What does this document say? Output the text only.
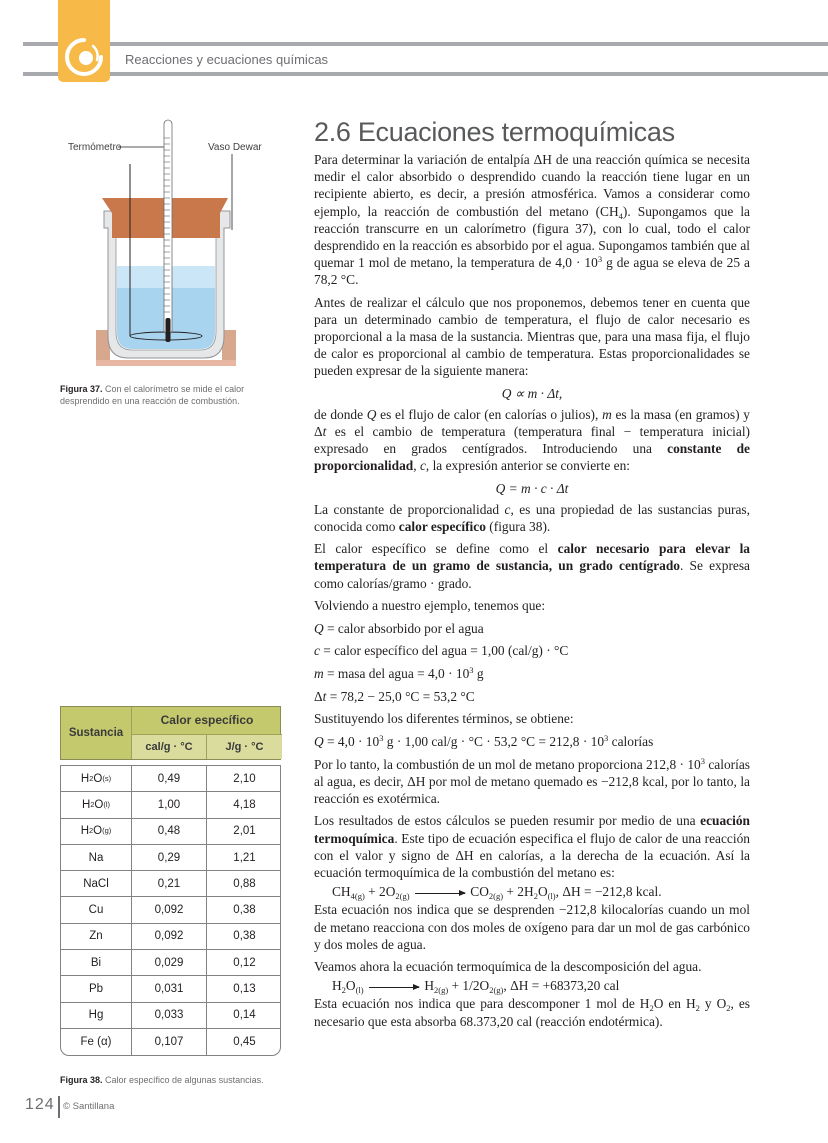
Reacciones y ecuaciones químicas
Termómetro	Vaso Dewar
Figura 37. Con el calorímetro se mide el calor desprendido en una reacción de combustión.
Sustancia
Calor específico
cal/g · °C	J/g · °C
H 2 O (s)	0,49	2,10
H 2 O (l)	1,00	4,18
H 2 O (g)	0,48	2,01
Na	0,29	1,21
NaCl	0,21	0,88
Cu	0,092	0,38
Zn	0,092	0,38
Bi	0,029	0,12
Pb	0,031	0,13
Hg	0,033	0,14
Fe (α)	0,107	0,45
Figura 38. Calor específico de algunas sustancias.
124 © Santillana
2.6 Ecuaciones termoquímicas

Para determinar la variación de entalpía ΔH de una reacción química se necesita medir el calor absorbido o desprendido cuando la reacción tiene lugar en un recipiente abierto, es decir, a presión atmosférica. Vamos a considerar como ejemplo, la reacción de combustión del metano $(CH_4)$. Supongamos que la reacción transcurre en un calorímetro (figura 37), con lo cual, todo el calor desprendido en la reacción es absorbido por el agua. Supongamos también que al quemar 1 mol de metano, la temperatura de $4,0 \cdot 10^3$ g de agua se eleva de 25 a 78,2 °C.

Antes de realizar el cálculo que nos proponemos, debemos tener en cuenta que para un determinado cambio de temperatura, el flujo de calor necesario es proporcional a la masa de la sustancia. Mientras que, para una masa fija, el flujo de calor es proporcional al cambio de temperatura. Estas proporcionalidades se pueden expresar de la siguiente manera:

Q ∝ m · Δt,

de donde Q es el flujo de calor (en calorías o julios), m es la masa (en gramos) y Δt es el cambio de temperatura (temperatura final − temperatura inicial) expresado en grados centígrados. Introduciendo una constante de proporcionalidad, c, la expresión anterior se convierte en:

Q = m · c · Δt

La constante de proporcionalidad c, es una propiedad de las sustancias puras, conocida como calor específico (figura 38).

El calor específico se define como el calor necesario para elevar la temperatura de un gramo de sustancia, un grado centígrado. Se expresa como calorías/gramo · grado.

Volviendo a nuestro ejemplo, tenemos que:

Q = calor absorbido por el agua

c = calor específico del agua = 1,00 (cal/g) · °C

m = masa del agua = $4,0 \cdot 10^3$ g

Δt = 78,2 − 25,0 °C = 53,2 °C

Sustituyendo los diferentes términos, se obtiene:

$Q = 4,0 \cdot 10^3$ g · 1,00 cal/g · °C · 53,2 $^\circ C = 212,8 \cdot 10^3$ calorías

Por lo tanto, la combustión de un mol de metano proporciona $212,8 \cdot 10^3$ calorías al agua, es decir, ΔH por mol de metano quemado es −212,8 kcal, por lo tanto, la reacción es exotérmica.

Los resultados de estos cálculos se pueden resumir por medio de una ecuación termoquímica. Este tipo de ecuación especifica el flujo de calor de una reacción con el valor y signo de ΔH en calorías, a la derecha de la ecuación. Así la ecuación termoquímica de la combustión del metano es:

$CH_{4(g)} + 2O_{2(g)} \to CO_{2(g)} + 2H_2O_{(l)}$, ΔH = −212,8 kcal.

Esta ecuación nos indica que se desprenden −212,8 kilocalorías cuando un mol de metano reacciona con dos moles de oxígeno para dar un mol de gas carbónico y dos moles de agua.

Veamos ahora la ecuación termoquímica de la descomposición del agua.

$H_2O_{(l)} \to H_{2(g)} + 1/2O_{2(g)}$, ΔH = +68373,20 cal

Esta ecuación nos indica que para descomponer 1 mol de $H_2O$ en $H_2$ y $O_2$, es necesario que esta absorba 68.373,20 cal (reacción endotérmica).
